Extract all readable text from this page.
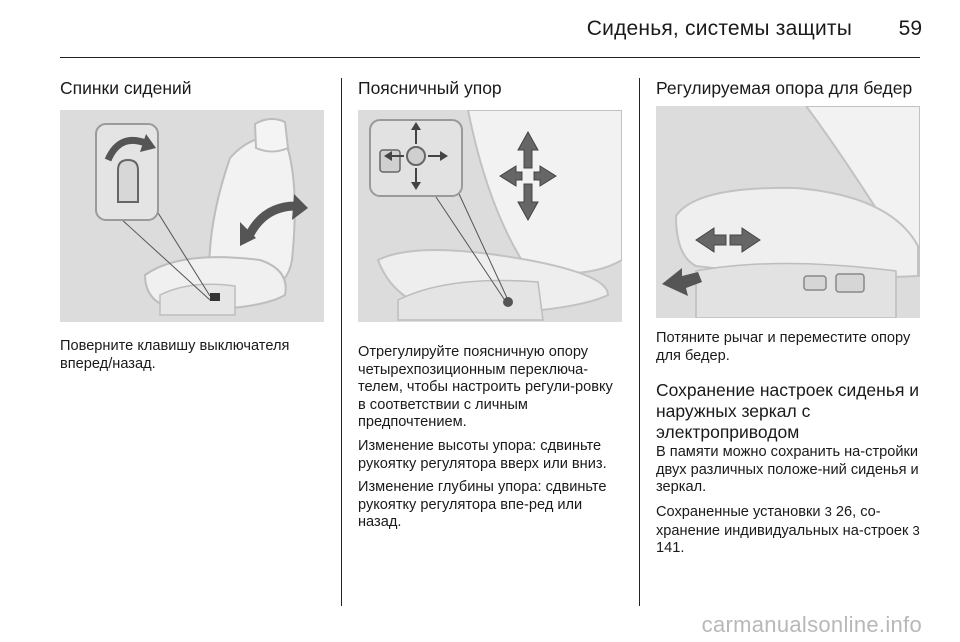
Сиденья, системы защиты	59
Спинки сидений

Поверните клавишу выключателя вперед/назад.

Поясничный упор

Отрегулируйте поясничную опору четырехпозиционным переключа-телем, чтобы настроить регули-ровку в соответствии с личным предпочтением.

Изменение высоты упора: сдвиньте рукоятку регулятора вверх или вниз.

Изменение глубины упора: сдвиньте рукоятку регулятора впе-ред или назад.

Регулируемая опора для бедер

Потяните рычаг и переместите опору для бедер.

Сохранение настроек сиденья и наружных зеркал с электроприводом

В памяти можно сохранить на-стройки двух различных положе-ний сиденья и зеркал.

Сохраненные установки 3 26, со-хранение индивидуальных на-строек 3 141.

carmanualsonline.info
